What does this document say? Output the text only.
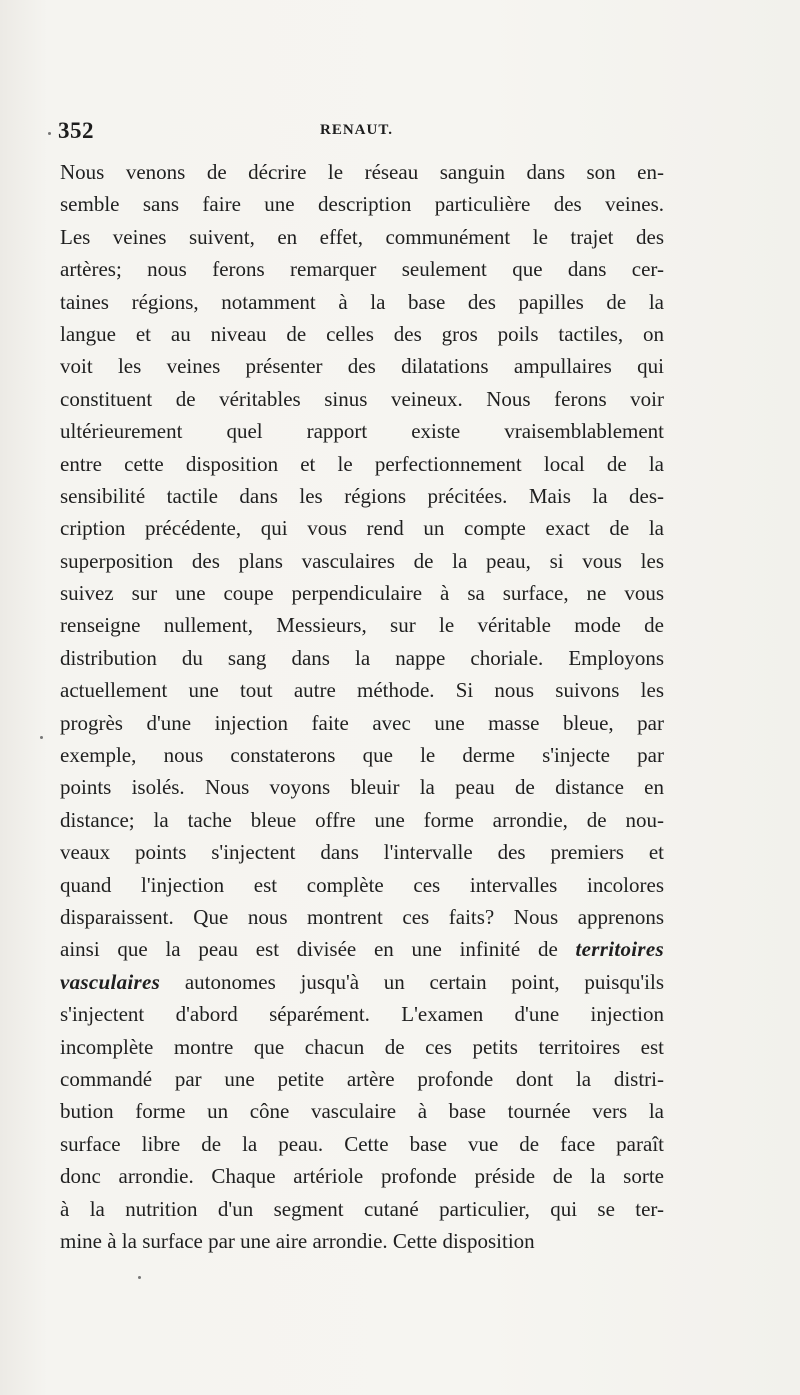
352	RENAUT.
Nous venons de décrire le réseau sanguin dans son en-
semble sans faire une description particulière des veines.
Les veines suivent, en effet, communément le trajet des
artères; nous ferons remarquer seulement que dans cer-
taines régions, notamment à la base des papilles de la
langue et au niveau de celles des gros poils tactiles, on
voit les veines présenter des dilatations ampullaires qui
constituent de véritables sinus veineux. Nous ferons voir
ultérieurement quel rapport existe vraisemblablement
entre cette disposition et le perfectionnement local de la
sensibilité tactile dans les régions précitées. Mais la des-
cription précédente, qui vous rend un compte exact de la
superposition des plans vasculaires de la peau, si vous les
suivez sur une coupe perpendiculaire à sa surface, ne vous
renseigne nullement, Messieurs, sur le véritable mode de
distribution du sang dans la nappe choriale. Employons
actuellement une tout autre méthode. Si nous suivons les
progrès d'une injection faite avec une masse bleue, par
exemple, nous constaterons que le derme s'injecte par
points isolés. Nous voyons bleuir la peau de distance en
distance; la tache bleue offre une forme arrondie, de nou-
veaux points s'injectent dans l'intervalle des premiers et
quand l'injection est complète ces intervalles incolores
disparaissent. Que nous montrent ces faits? Nous apprenons
ainsi que la peau est divisée en une infinité de territoires
vasculaires autonomes jusqu'à un certain point, puisqu'ils
s'injectent d'abord séparément. L'examen d'une injection
incomplète montre que chacun de ces petits territoires est
commandé par une petite artère profonde dont la distri-
bution forme un cône vasculaire à base tournée vers la
surface libre de la peau. Cette base vue de face paraît
donc arrondie. Chaque artériole profonde préside de la sorte
à la nutrition d'un segment cutané particulier, qui se ter-
mine à la surface par une aire arrondie. Cette disposition
